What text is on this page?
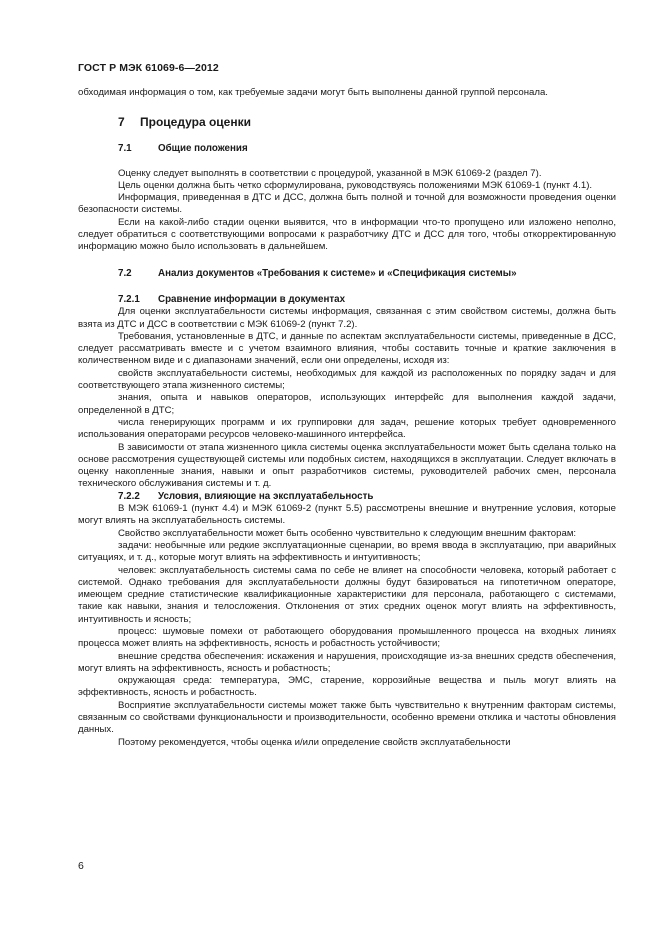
ГОСТ Р МЭК 61069-6—2012

обходимая информация о том, как требуемые задачи могут быть выполнены данной группой персонала.

7 Процедура оценки

7.1	Общие положения

Оценку следует выполнять в соответствии с процедурой, указанной в МЭК 61069-2 (раздел 7).

Цель оценки должна быть четко сформулирована, руководствуясь положениями МЭК 61069-1 (пункт 4.1).

Информация, приведенная в ДТС и ДСС, должна быть полной и точной для возможности проведения оценки безопасности системы.

Если на какой-либо стадии оценки выявится, что в информации что-то пропущено или изложено неполно, следует обратиться с соответствующими вопросами к разработчику ДТС и ДСС для того, чтобы откорректированную информацию можно было использовать в дальнейшем.

7.2	Анализ документов «Требования к системе» и «Спецификация системы»

7.2.1 Сравнение информации в документах

Для оценки эксплуатабельности системы информация, связанная с этим свойством системы, должна быть взята из ДТС и ДСС в соответствии с МЭК 61069-2 (пункт 7.2).

Требования, установленные в ДТС, и данные по аспектам эксплуатабельности системы, приведенные в ДСС, следует рассматривать вместе и с учетом взаимного влияния, чтобы составить точные и краткие заключения в количественном виде и с диапазонами значений, если они определены, исходя из:

свойств эксплуатабельности системы, необходимых для каждой из расположенных по порядку задач и для соответствующего этапа жизненного системы;

знания, опыта и навыков операторов, использующих интерфейс для выполнения каждой задачи, определенной в ДТС;

числа генерирующих программ и их группировки для задач, решение которых требует одновременного использования операторами ресурсов человеко-машинного интерфейса.

В зависимости от этапа жизненного цикла системы оценка эксплуатабельности может быть сделана только на основе рассмотрения существующей системы или подобных систем, находящихся в эксплуатации. Следует включать в оценку накопленные знания, навыки и опыт разработчиков системы, руководителей рабочих смен, персонала технического обслуживания системы и т. д.

7.2.2 Условия, влияющие на эксплуатабельность

В МЭК 61069-1 (пункт 4.4) и МЭК 61069-2 (пункт 5.5) рассмотрены внешние и внутренние условия, которые могут влиять на эксплуатабельность системы.

Свойство эксплуатабельности может быть особенно чувствительно к следующим внешним факторам:

задачи: необычные или редкие эксплуатационные сценарии, во время ввода в эксплуатацию, при аварийных ситуациях, и т. д., которые могут влиять на эффективность и интуитивность;

человек: эксплуатабельность системы сама по себе не влияет на способности человека, который работает с системой. Однако требования для эксплуатабельности должны будут базироваться на гипотетичном операторе, имеющем средние статистические квалификационные характеристики для персонала, работающего с системами, такие как навыки, знания и телосложения. Отклонения от этих средних оценок могут влиять на эффективность, интуитивность и ясность;

процесс: шумовые помехи от работающего оборудования промышленного процесса на входных линиях процесса может влиять на эффективность, ясность и робастность устойчивости;

внешние средства обеспечения: искажения и нарушения, происходящие из-за внешних средств обеспечения, могут влиять на эффективность, ясность и робастность;

окружающая среда: температура, ЭМС, старение, коррозийные вещества и пыль могут влиять на эффективность, ясность и робастность.

Восприятие эксплуатабельности системы может также быть чувствительно к внутренним факторам системы, связанным со свойствами функциональности и производительности, особенно времени отклика и частоты обновления данных.

Поэтому рекомендуется, чтобы оценка и/или определение свойств эксплуатабельности

6
